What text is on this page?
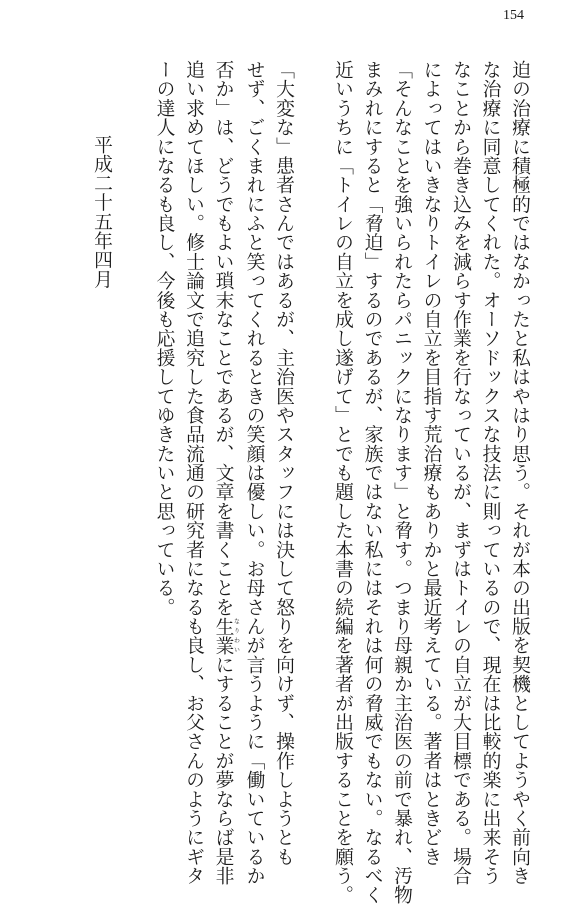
154
迫の治療に積極的ではなかったと私はやはり思う。それが本の出版を契機としてようやく前向き
な治療に同意してくれた。オーソドックスな技法に則っているので、現在は比較的楽に出来そう
なことから巻き込みを減らす作業を行なっているが、まずはトイレの自立が大目標である。場合
によってはいきなりトイレの自立を目指す荒治療もありかと最近考えている。著者はときどき
「そんなことを強いられたらパニックになります」と脅す。つまり母親か主治医の前で暴れ、汚物
まみれにすると「脅迫」するのであるが、家族ではない私にはそれは何の脅威でもない。なるべく
近いうちに「トイレの自立を成し遂げて」とでも題した本書の続編を著者が出版することを願う。
「大変な」患者さんではあるが、主治医やスタッフには決して怒りを向けず、操作しようとも
せず、ごくまれにふと笑ってくれるときの笑顔は優しい。お母さんが言うように「働いているか
否か」は、どうでもよい瑣末なことであるが、文章を書くことを生業 なりわいにすることが夢ならば是非
追い求めてほしい。修士論文で追究した食品流通の研究者になるも良し、お父さんのようにギタ
ーの達人になるも良し、今後も応援してゆきたいと思っている。
平成二十五年四月
